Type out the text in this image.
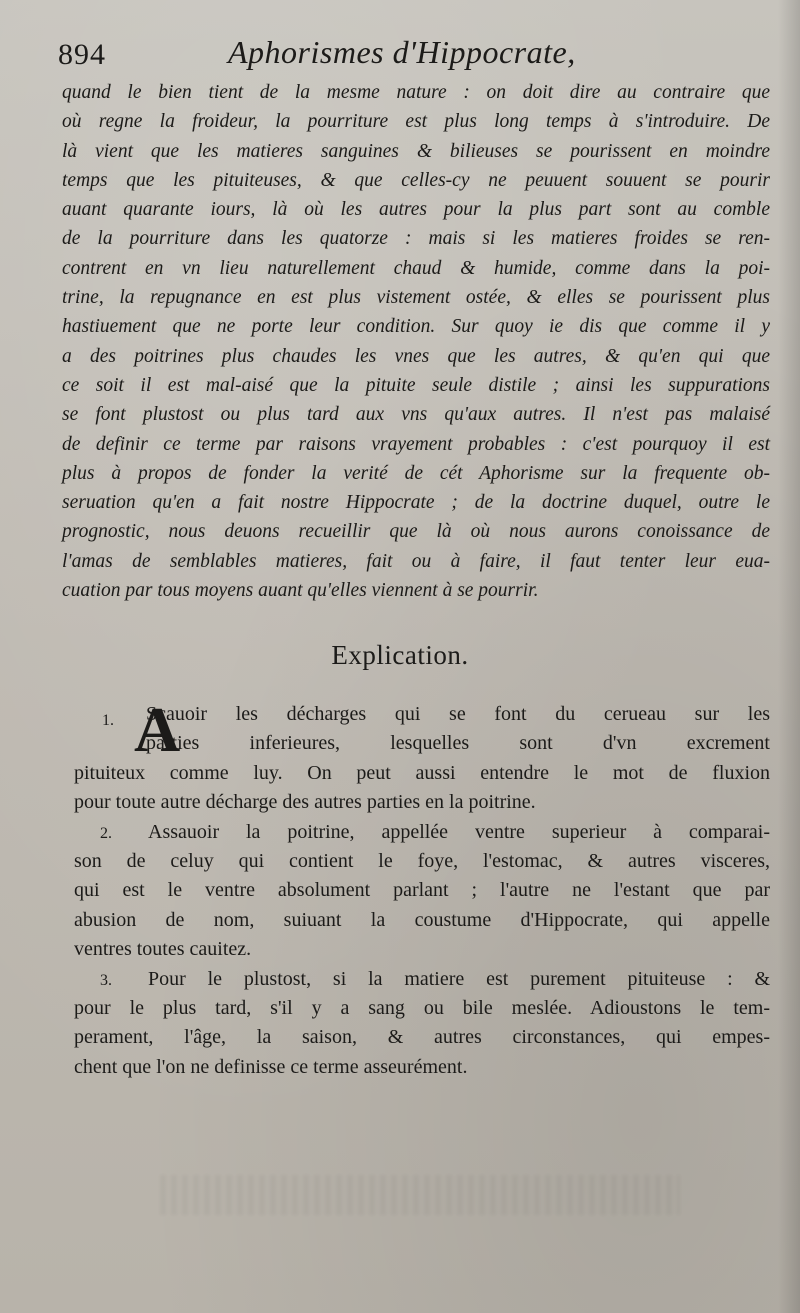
894	Aphorismes d'Hippocrate,
quand le bien tient de la mesme nature : on doit dire au contraire que
où regne la froideur, la pourriture est plus long temps à s'introduire. De
là vient que les matieres sanguines & bilieuses se pourissent en moindre
temps que les pituiteuses, & que celles-cy ne peuuent souuent se pourir
auant quarante iours, là où les autres pour la plus part sont au comble
de la pourriture dans les quatorze : mais si les matieres froides se ren-
contrent en vn lieu naturellement chaud & humide, comme dans la poi-
trine, la repugnance en est plus vistement ostée, & elles se pourissent plus
hastiuement que ne porte leur condition. Sur quoy ie dis que comme il y
a des poitrines plus chaudes les vnes que les autres, & qu'en qui que
ce soit il est mal-aisé que la pituite seule distile ; ainsi les suppurations
se font plustost ou plus tard aux vns qu'aux autres. Il n'est pas malaisé
de definir ce terme par raisons vrayement probables : c'est pourquoy il est
plus à propos de fonder la verité de cét Aphorisme sur la frequente ob-
seruation qu'en a fait nostre Hippocrate ; de la doctrine duquel, outre le
prognostic, nous deuons recueillir que là où nous aurons conoissance de
l'amas de semblables matieres, fait ou à faire, il faut tenter leur eua-
cuation par tous moyens auant qu'elles viennent à se pourrir.
Explication.
1. A
Sçauoir les décharges qui se font du cerueau sur les
parties inferieures, lesquelles sont d'vn excrement
pituiteux comme luy. On peut aussi entendre le mot de fluxion
pour toute autre décharge des autres parties en la poitrine.
2. Assauoir la poitrine, appellée ventre superieur à comparai-
son de celuy qui contient le foye, l'estomac, & autres visceres,
qui est le ventre absolument parlant ; l'autre ne l'estant que par
abusion de nom, suiuant la coustume d'Hippocrate, qui appelle
ventres toutes cauitez.
3. Pour le plustost, si la matiere est purement pituiteuse : &
pour le plus tard, s'il y a sang ou bile meslée. Adioustons le tem-
perament, l'âge, la saison, & autres circonstances, qui empes-
chent que l'on ne definisse ce terme asseurément.
